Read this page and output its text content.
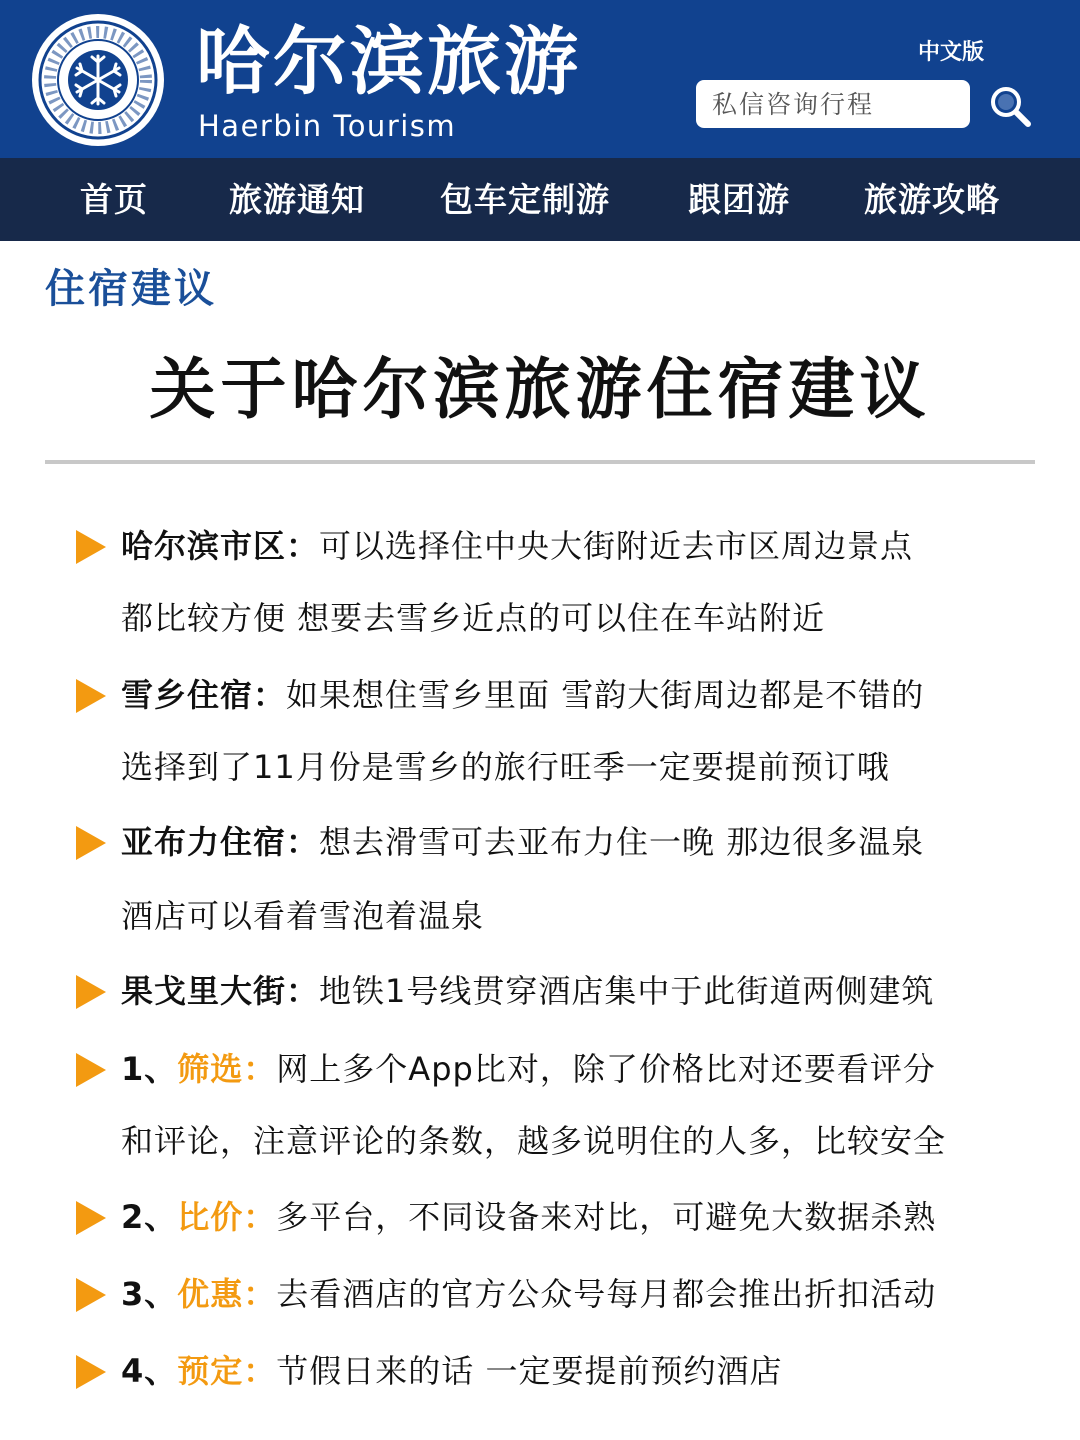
哈尔滨旅游
Haerbin Tourism
中文版
私信咨询行程
首页 旅游通知 包车定制游 跟团游 旅游攻略
住宿建议
关于哈尔滨旅游住宿建议
哈尔滨市区：可以选择住中央大街附近去市区周边景点
都比较方便 想要去雪乡近点的可以住在车站附近
雪乡住宿：如果想住雪乡里面 雪韵大街周边都是不错的
选择到了11月份是雪乡的旅行旺季一定要提前预订哦
亚布力住宿：想去滑雪可去亚布力住一晚 那边很多温泉
酒店可以看着雪泡着温泉
果戈里大街：地铁1号线贯穿酒店集中于此街道两侧建筑
1、筛选：网上多个App比对，除了价格比对还要看评分
和评论，注意评论的条数，越多说明住的人多，比较安全
2、比价：多平台，不同设备来对比，可避免大数据杀熟
3、优惠：去看酒店的官方公众号每月都会推出折扣活动
4、预定：节假日来的话 一定要提前预约酒店
